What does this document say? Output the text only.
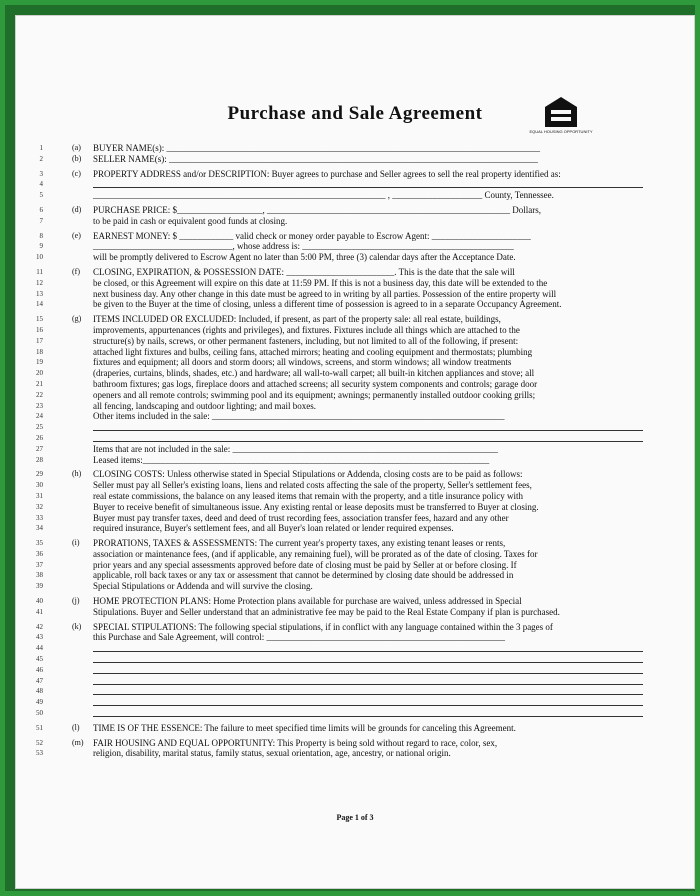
Purchase and Sale Agreement
EQUAL HOUSING OPPORTUNITY
1	(a)	BUYER NAME(s): ___________________________________________________________________________________
2	(b)	SELLER NAME(s): __________________________________________________________________________________
3	(c)	PROPERTY ADDRESS and/or DESCRIPTION: Buyer agrees to purchase and Seller agrees to sell the real property identified as:
4
5	_________________________________________________________________ , ____________________ County, Tennessee.
6	(d)	PURCHASE PRICE: $___________________, ______________________________________________________ Dollars,
7	to be paid in cash or equivalent good funds at closing.
8	(e)	EARNEST MONEY: $ ____________ valid check or money order payable to Escrow Agent: ______________________
9	_______________________________, whose address is: _______________________________________________
10	will be promptly delivered to Escrow Agent no later than 5:00 PM, three (3) calendar days after the Acceptance Date.
11	(f)	CLOSING, EXPIRATION, & POSSESSION DATE: ________________________. This is the date that the sale will
12	be closed, or this Agreement will expire on this date at 11:59 PM. If this is not a business day, this date will be extended to the
13	next business day. Any other change in this date must be agreed to in writing by all parties. Possession of the entire property will
14	be given to the Buyer at the time of closing, unless a different time of possession is agreed to in a separate Occupancy Agreement.
15	(g)	ITEMS INCLUDED OR EXCLUDED: Included, if present, as part of the property sale: all real estate, buildings,
16	improvements, appurtenances (rights and privileges), and fixtures. Fixtures include all things which are attached to the
17	structure(s) by nails, screws, or other permanent fasteners, including, but not limited to all of the following, if present:
18	attached light fixtures and bulbs, ceiling fans, attached mirrors; heating and cooling equipment and thermostats; plumbing
19	fixtures and equipment; all doors and storm doors; all windows, screens, and storm windows; all window treatments
20	(draperies, curtains, blinds, shades, etc.) and hardware; all wall-to-wall carpet; all built-in kitchen appliances and stove; all
21	bathroom fixtures; gas logs, fireplace doors and attached screens; all security system components and controls; garage door
22	openers and all remote controls; swimming pool and its equipment; awnings; permanently installed outdoor cooking grills;
23	all fencing, landscaping and outdoor lighting; and mail boxes.
24	Other items included in the sale: _________________________________________________________________
25
26
27	Items that are not included in the sale: ___________________________________________________________
28	Leased items:_____________________________________________________________________________
29	(h)	CLOSING COSTS: Unless otherwise stated in Special Stipulations or Addenda, closing costs are to be paid as follows:
30	Seller must pay all Seller's existing loans, liens and related costs affecting the sale of the property, Seller's settlement fees,
31	real estate commissions, the balance on any leased items that remain with the property, and a title insurance policy with
32	Buyer to receive benefit of simultaneous issue. Any existing rental or lease deposits must be transferred to Buyer at closing.
33	Buyer must pay transfer taxes, deed and deed of trust recording fees, association transfer fees, hazard and any other
34	required insurance, Buyer's settlement fees, and all Buyer's loan related or lender required expenses.
35	(i)	PRORATIONS, TAXES & ASSESSMENTS: The current year's property taxes, any existing tenant leases or rents,
36	association or maintenance fees, (and if applicable, any remaining fuel), will be prorated as of the date of closing. Taxes for
37	prior years and any special assessments approved before date of closing must be paid by Seller at or before closing. If
38	applicable, roll back taxes or any tax or assessment that cannot be determined by closing date should be addressed in
39	Special Stipulations or Addenda and will survive the closing.
40	(j)	HOME PROTECTION PLANS: Home Protection plans available for purchase are waived, unless addressed in Special
41	Stipulations. Buyer and Seller understand that an administrative fee may be paid to the Real Estate Company if plan is purchased.
42	(k)	SPECIAL STIPULATIONS: The following special stipulations, if in conflict with any language contained within the 3 pages of
43	this Purchase and Sale Agreement, will control: _____________________________________________________
44
45
46
47
48
49
50
51	(l)	TIME IS OF THE ESSENCE: The failure to meet specified time limits will be grounds for canceling this Agreement.
52	(m)	FAIR HOUSING AND EQUAL OPPORTUNITY: This Property is being sold without regard to race, color, sex,
53	religion, disability, marital status, family status, sexual orientation, age, ancestry, or national origin.
Page 1 of 3
